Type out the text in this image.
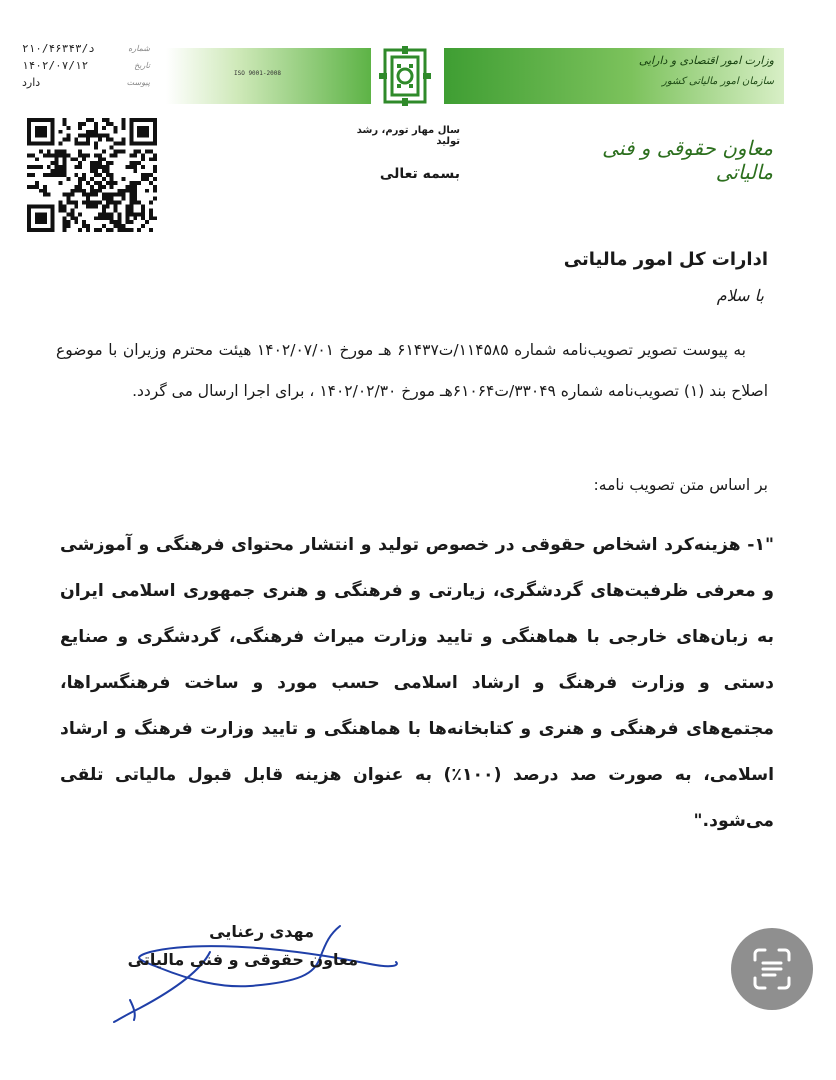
شماره
د/۲۱۰/۴۶۳۴۳
تاریخ
۱۴۰۲/۰۷/۱۲
پیوست
دارد
ISO 9001-2008
وزارت امور اقتصادی و دارایی
سازمان امور مالیاتی کشور
سال مهار تورم، رشد تولید	معاون حقوقی و فنی مالیاتی
بسمه تعالی
ادارات کل امور مالیاتی
با سلام

به پیوست تصویر تصویب‌نامه شماره ۱۱۴۵۸۵/ت۶۱۴۳۷ هـ مورخ ۱۴۰۲/۰۷/۰۱ هیئت محترم وزیران با موضوع اصلاح بند (۱) تصویب‌نامه شماره ۳۳۰۴۹/ت۶۱۰۶۴هـ مورخ ۱۴۰۲/۰۲/۳۰ ، برای اجرا ارسال می گردد.

بر اساس متن تصویب نامه:
"۱- هزینه‌کرد اشخاص حقوقی در خصوص تولید و انتشار محتوای فرهنگی و آموزشی و معرفی ظرفیت‌های گردشگری، زیارتی و فرهنگی و هنری جمهوری اسلامی ایران به زبان‌های خارجی با هماهنگی و تایید وزارت میراث فرهنگی، گردشگری و صنایع دستی و وزارت فرهنگ و ارشاد اسلامی حسب مورد و ساخت فرهنگسراها، مجتمع‌های فرهنگی و هنری و کتابخانه‌ها با هماهنگی و تایید وزارت فرهنگ و ارشاد اسلامی، به صورت صد درصد (۱۰۰٪) به عنوان هزینه قابل قبول مالیاتی تلقی می‌شود."
مهدی رعنایی
معاون حقوقی و فنی مالیاتی
